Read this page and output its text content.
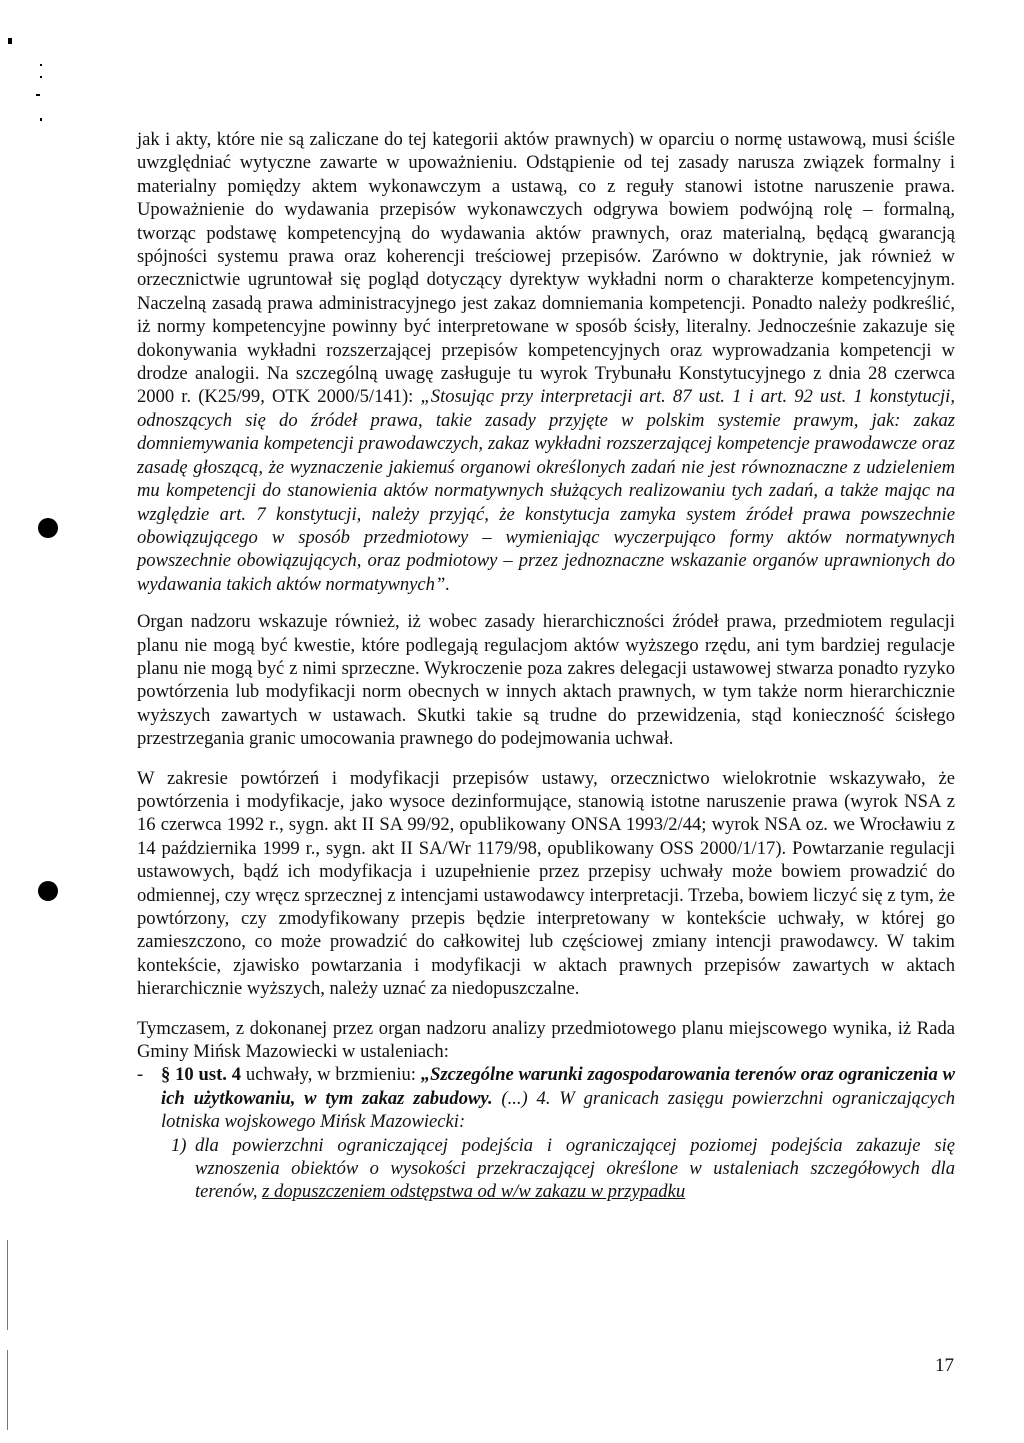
jak i akty, które nie są zaliczane do tej kategorii aktów prawnych) w oparciu o normę ustawową, musi ściśle uwzględniać wytyczne zawarte w upoważnieniu. Odstąpienie od tej zasady narusza związek formalny i materialny pomiędzy aktem wykonawczym a ustawą, co z reguły stanowi istotne naruszenie prawa. Upoważnienie do wydawania przepisów wykonawczych odgrywa bowiem podwójną rolę – formalną, tworząc podstawę kompetencyjną do wydawania aktów prawnych, oraz materialną, będącą gwarancją spójności systemu prawa oraz koherencji treściowej przepisów. Zarówno w doktrynie, jak również w orzecznictwie ugruntował się pogląd dotyczący dyrektyw wykładni norm o charakterze kompetencyjnym. Naczelną zasadą prawa administracyjnego jest zakaz domniemania kompetencji. Ponadto należy podkreślić, iż normy kompetencyjne powinny być interpretowane w sposób ścisły, literalny. Jednocześnie zakazuje się dokonywania wykładni rozszerzającej przepisów kompetencyjnych oraz wyprowadzania kompetencji w drodze analogii. Na szczególną uwagę zasługuje tu wyrok Trybunału Konstytucyjnego z dnia 28 czerwca 2000 r. (K25/99, OTK 2000/5/141): „Stosując przy interpretacji art. 87 ust. 1 i art. 92 ust. 1 konstytucji, odnoszących się do źródeł prawa, takie zasady przyjęte w polskim systemie prawym, jak: zakaz domniemywania kompetencji prawodawczych, zakaz wykładni rozszerzającej kompetencje prawodawcze oraz zasadę głoszącą, że wyznaczenie jakiemuś organowi określonych zadań nie jest równoznaczne z udzieleniem mu kompetencji do stanowienia aktów normatywnych służących realizowaniu tych zadań, a także mając na względzie art. 7 konstytucji, należy przyjąć, że konstytucja zamyka system źródeł prawa powszechnie obowiązującego w sposób przedmiotowy – wymieniając wyczerpująco formy aktów normatywnych powszechnie obowiązujących, oraz podmiotowy – przez jednoznaczne wskazanie organów uprawnionych do wydawania takich aktów normatywnych”.

Organ nadzoru wskazuje również, iż wobec zasady hierarchiczności źródeł prawa, przedmiotem regulacji planu nie mogą być kwestie, które podlegają regulacjom aktów wyższego rzędu, ani tym bardziej regulacje planu nie mogą być z nimi sprzeczne. Wykroczenie poza zakres delegacji ustawowej stwarza ponadto ryzyko powtórzenia lub modyfikacji norm obecnych w innych aktach prawnych, w tym także norm hierarchicznie wyższych zawartych w ustawach. Skutki takie są trudne do przewidzenia, stąd konieczność ścisłego przestrzegania granic umocowania prawnego do podejmowania uchwał.

W zakresie powtórzeń i modyfikacji przepisów ustawy, orzecznictwo wielokrotnie wskazywało, że powtórzenia i modyfikacje, jako wysoce dezinformujące, stanowią istotne naruszenie prawa (wyrok NSA z 16 czerwca 1992 r., sygn. akt II SA 99/92, opublikowany ONSA 1993/2/44; wyrok NSA oz. we Wrocławiu z 14 października 1999 r., sygn. akt II SA/Wr 1179/98, opublikowany OSS 2000/1/17). Powtarzanie regulacji ustawowych, bądź ich modyfikacja i uzupełnienie przez przepisy uchwały może bowiem prowadzić do odmiennej, czy wręcz sprzecznej z intencjami ustawodawcy interpretacji. Trzeba, bowiem liczyć się z tym, że powtórzony, czy zmodyfikowany przepis będzie interpretowany w kontekście uchwały, w której go zamieszczono, co może prowadzić do całkowitej lub częściowej zmiany intencji prawodawcy. W takim kontekście, zjawisko powtarzania i modyfikacji w aktach prawnych przepisów zawartych w aktach hierarchicznie wyższych, należy uznać za niedopuszczalne.

Tymczasem, z dokonanej przez organ nadzoru analizy przedmiotowego planu miejscowego wynika, iż Rada Gminy Mińsk Mazowiecki w ustaleniach:

- § 10 ust. 4 uchwały, w brzmieniu: „Szczególne warunki zagospodarowania terenów oraz ograniczenia w ich użytkowaniu, w tym zakaz zabudowy. (...) 4. W granicach zasięgu powierzchni ograniczających lotniska wojskowego Mińsk Mazowiecki:
1) dla powierzchni ograniczającej podejścia i ograniczającej poziomej podejścia zakazuje się wznoszenia obiektów o wysokości przekraczającej określone w ustaleniach szczegółowych dla terenów, z dopuszczeniem odstępstwa od w/w zakazu w przypadku
17
